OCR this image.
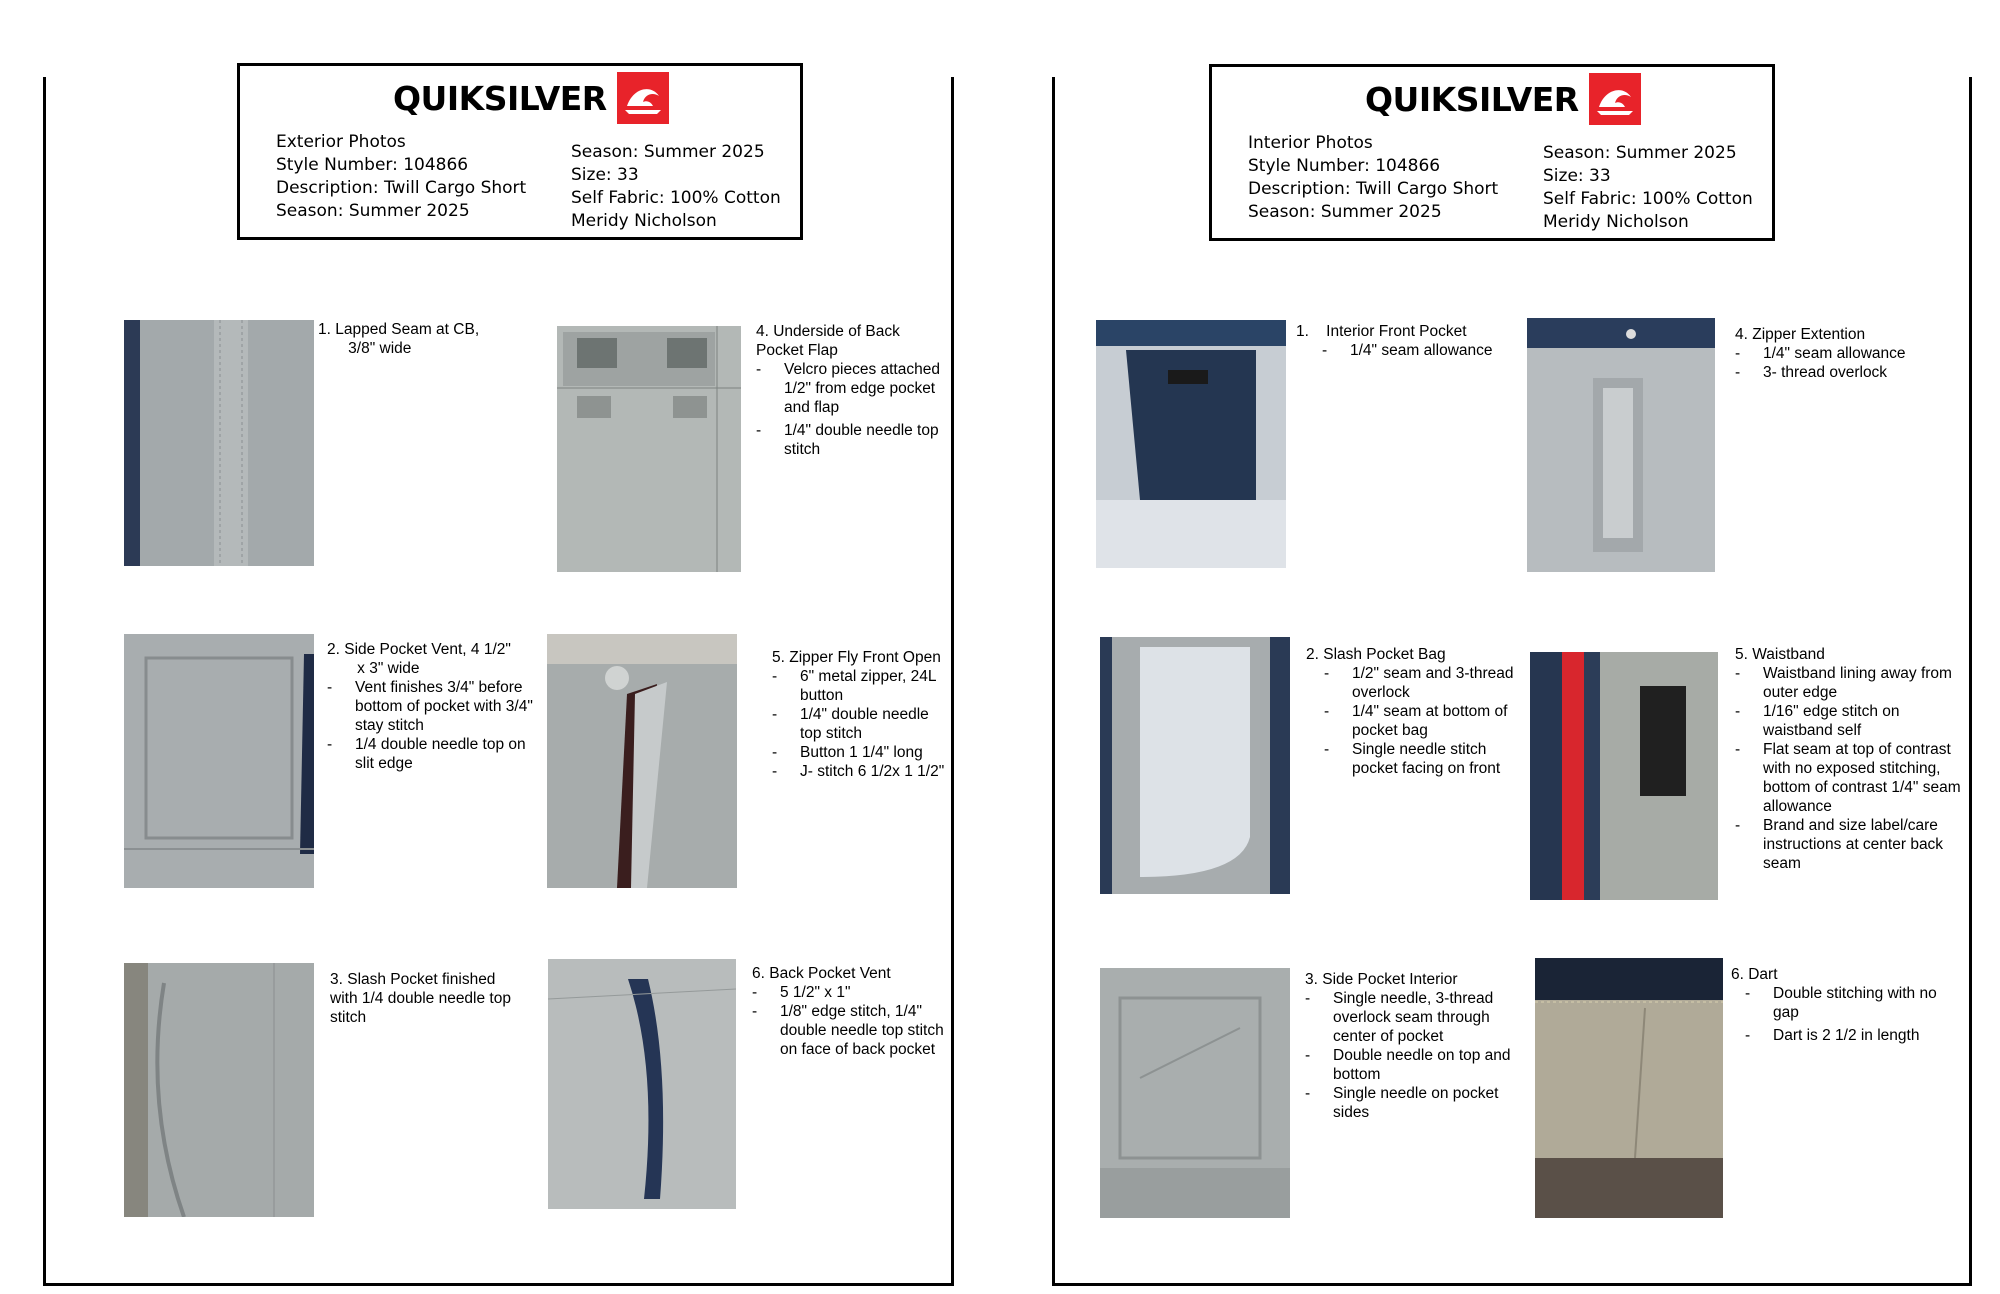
QUIKSILVER
Exterior Photos
Style Number: 104866
Description: Twill Cargo Short
Season: Summer 2025
Season: Summer 2025
Size: 33
Self Fabric: 100% Cotton
Meridy Nicholson
1. Lapped Seam at CB,
3/8" wide
4. Underside of Back
Pocket Flap
- Velcro pieces attached 1/2" from edge pocket and flap
- 1/4" double needle top stitch
2. Side Pocket Vent, 4 1/2"
x 3" wide
- Vent finishes 3/4" before bottom of pocket with 3/4" stay stitch
- 1/4 double needle top on slit edge
5. Zipper Fly Front Open
- 6" metal zipper, 24L button
- 1/4" double needle top stitch
- Button 1 1/4" long
- J- stitch 6 1/2x 1 1/2"
3. Slash Pocket finished
with 1/4 double needle top
stitch
6. Back Pocket Vent
- 5 1/2" x 1"
- 1/8" edge stitch, 1/4" double needle top stitch on face of back pocket
QUIKSILVER
Interior Photos
Style Number: 104866
Description: Twill Cargo Short
Season: Summer 2025
Season: Summer 2025
Size: 33
Self Fabric: 100% Cotton
Meridy Nicholson
1.    Interior Front Pocket
- 1/4" seam allowance
4. Zipper Extention
- 1/4" seam allowance
- 3- thread overlock
2. Slash Pocket Bag
- 1/2" seam and 3-thread overlock
- 1/4" seam at bottom of pocket bag
- Single needle stitch pocket facing on front
5. Waistband
- Waistband lining away from outer edge
- 1/16" edge stitch on waistband self
- Flat seam at top of contrast with no exposed stitching, bottom of contrast 1/4" seam allowance
- Brand and size label/care instructions at center back seam
3. Side Pocket Interior
- Single needle, 3-thread overlock seam through center of pocket
- Double needle on top and bottom
- Single needle on pocket sides
6. Dart
- Double stitching with no gap
- Dart is 2 1/2 in length
